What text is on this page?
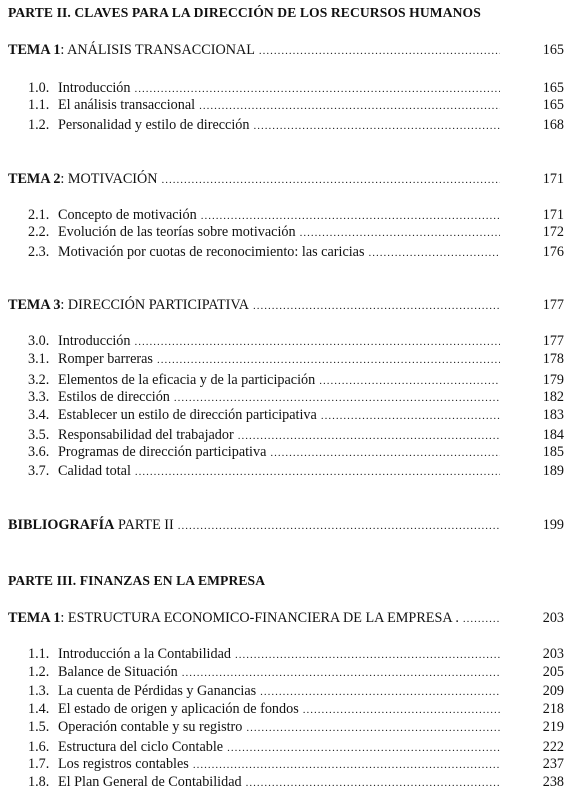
PARTE II. CLAVES PARA LA DIRECCIÓN DE LOS RECURSOS HUMANOS
TEMA 1: ANÁLISIS TRANSACCIONAL .....	165
1.0. Introducción .....	165
1.1. El análisis transaccional .....	165
1.2. Personalidad y estilo de dirección .....	168
TEMA 2: MOTIVACIÓN .....	171
2.1. Concepto de motivación .....	171
2.2. Evolución de las teorías sobre motivación .....	172
2.3. Motivación por cuotas de reconocimiento: las caricias .....	176
TEMA 3: DIRECCIÓN PARTICIPATIVA .....	177
3.0. Introducción .....	177
3.1. Romper barreras .....	178
3.2. Elementos de la eficacia y de la participación .....	179
3.3. Estilos de dirección .....	182
3.4. Establecer un estilo de dirección participativa .....	183
3.5. Responsabilidad del trabajador .....	184
3.6. Programas de dirección participativa .....	185
3.7. Calidad total .....	189
BIBLIOGRAFÍA PARTE II .....	199
PARTE III. FINANZAS EN LA EMPRESA
TEMA 1: ESTRUCTURA ECONOMICO-FINANCIERA DE LA EMPRESA . .....	203
1.1. Introducción a la Contabilidad .....	203
1.2. Balance de Situación .....	205
1.3. La cuenta de Pérdidas y Ganancias .....	209
1.4. El estado de origen y aplicación de fondos .....	218
1.5. Operación contable y su registro .....	219
1.6. Estructura del ciclo Contable .....	222
1.7. Los registros contables .....	237
1.8. El Plan General de Contabilidad .....	238
